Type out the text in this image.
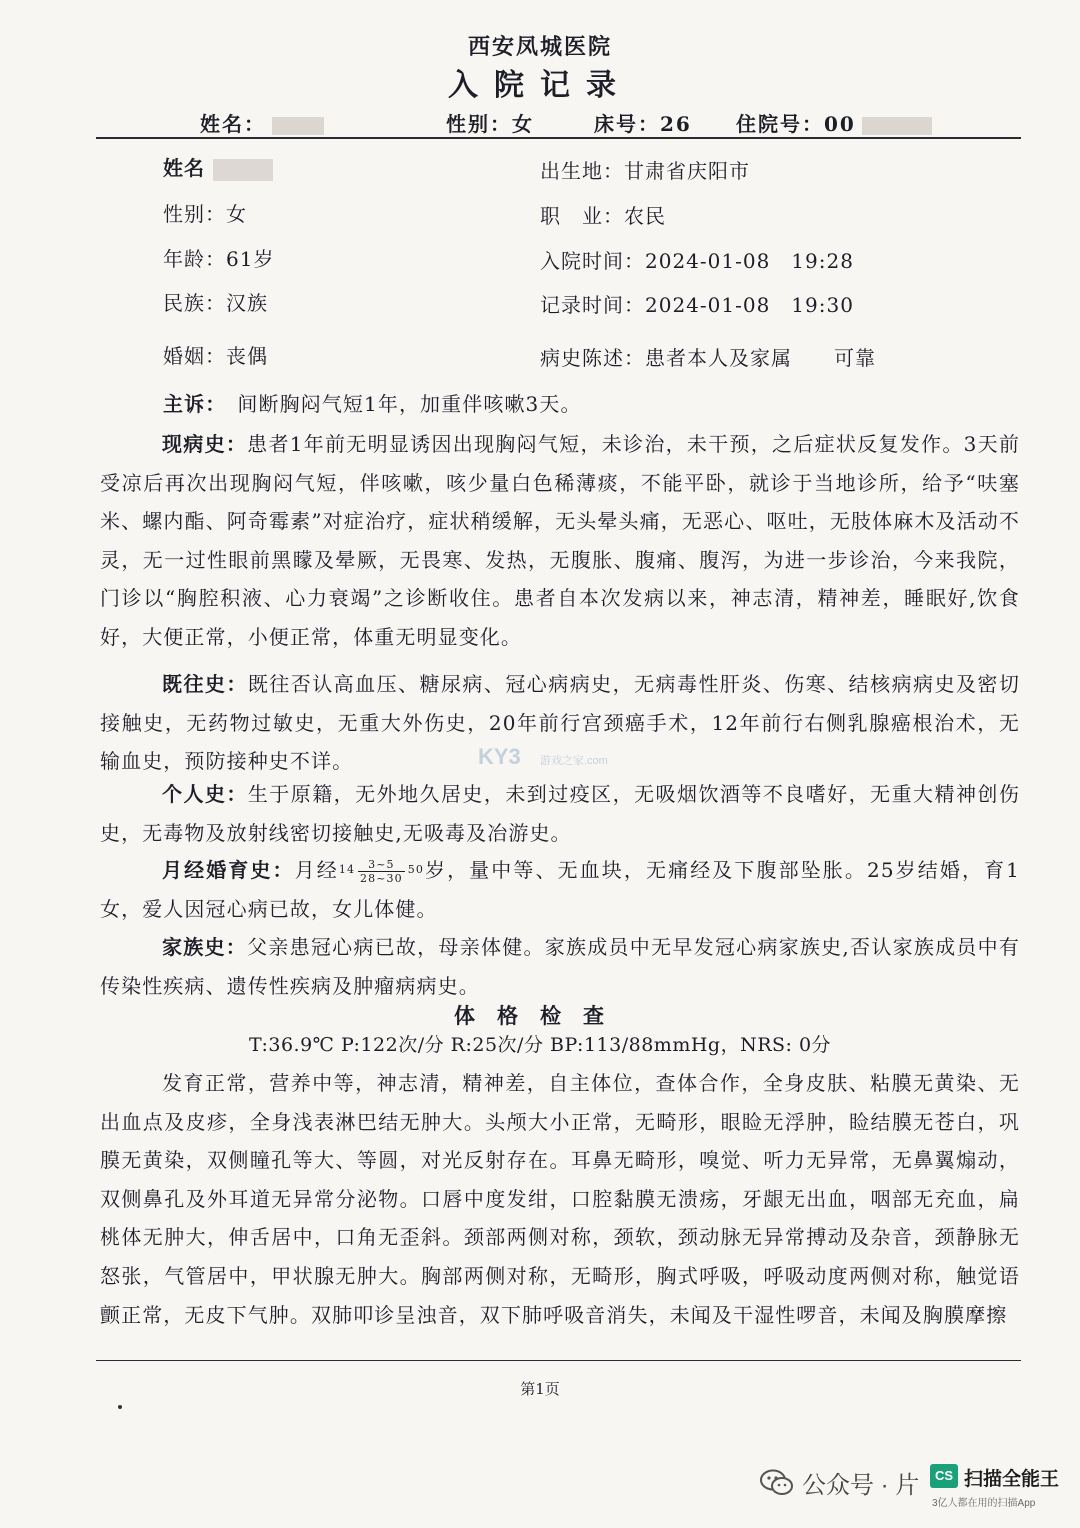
西安凤城医院
入院记录
姓名：	性别：女	床号：26 住院号：00
姓名	出生地：甘肃省庆阳市
性别：女	职　业：农民
年龄：61岁	入院时间：2024-01-08　19:28
民族：汉族	记录时间：2024-01-08　19:30
婚姻：丧偶	病史陈述：患者本人及家属　　可靠
主诉：　 间断胸闷气短1年，加重伴咳嗽3天。
现病史：患者1年前无明显诱因出现胸闷气短，未诊治，未干预，之后症状反复发作。3天前受凉后再次出现胸闷气短，伴咳嗽，咳少量白色稀薄痰，不能平卧，就诊于当地诊所，给予“呋塞米、螺内酯、阿奇霉素”对症治疗，症状稍缓解，无头晕头痛，无恶心、呕吐，无肢体麻木及活动不灵，无一过性眼前黑矇及晕厥，无畏寒、发热，无腹胀、腹痛、腹泻，为进一步诊治，今来我院，门诊以“胸腔积液、心力衰竭”之诊断收住。患者自本次发病以来，神志清，精神差，睡眠好,饮食好，大便正常，小便正常，体重无明显变化。
既往史：既往否认高血压、糖尿病、冠心病病史，无病毒性肝炎、伤寒、结核病病史及密切接触史，无药物过敏史，无重大外伤史，20年前行宫颈癌手术，12年前行右侧乳腺癌根治术，无输血史，预防接种史不详。	KY3 游戏之家.com
个人史：生于原籍，无外地久居史，未到过疫区，无吸烟饮酒等不良嗜好，无重大精神创伤史，无毒物及放射线密切接触史,无吸毒及冶游史。
月经婚育史：月经$^{14} \frac{3\sim 5}{28\sim 30} ^{50}$岁，量中等、无血块，无痛经及下腹部坠胀。25岁结婚，育1女，爱人因冠心病已故，女儿体健。
家族史：父亲患冠心病已故，母亲体健。家族成员中无早发冠心病家族史,否认家族成员中有传染性疾病、遗传性疾病及肿瘤病病史。
体格检查
T:36.9℃ P:122次/分 R:25次/分 BP:113/88mmHg，NRS: 0分
发育正常，营养中等，神志清，精神差，自主体位，查体合作，全身皮肤、粘膜无黄染、无出血点及皮疹，全身浅表淋巴结无肿大。头颅大小正常，无畸形，眼睑无浮肿，睑结膜无苍白，巩膜无黄染，双侧瞳孔等大、等圆，对光反射存在。耳鼻无畸形，嗅觉、听力无异常，无鼻翼煽动，双侧鼻孔及外耳道无异常分泌物。口唇中度发绀，口腔黏膜无溃疡，牙龈无出血，咽部无充血，扁桃体无肿大，伸舌居中，口角无歪斜。颈部两侧对称，颈软，颈动脉无异常搏动及杂音，颈静脉无怒张，气管居中，甲状腺无肿大。胸部两侧对称，无畸形，胸式呼吸，呼吸动度两侧对称，触觉语颤正常，无皮下气肿。双肺叩诊呈浊音，双下肺呼吸音消失，未闻及干湿性啰音，未闻及胸膜摩擦
第1页
公众号 · 片	CS 扫描全能王
3亿人都在用的扫描App
